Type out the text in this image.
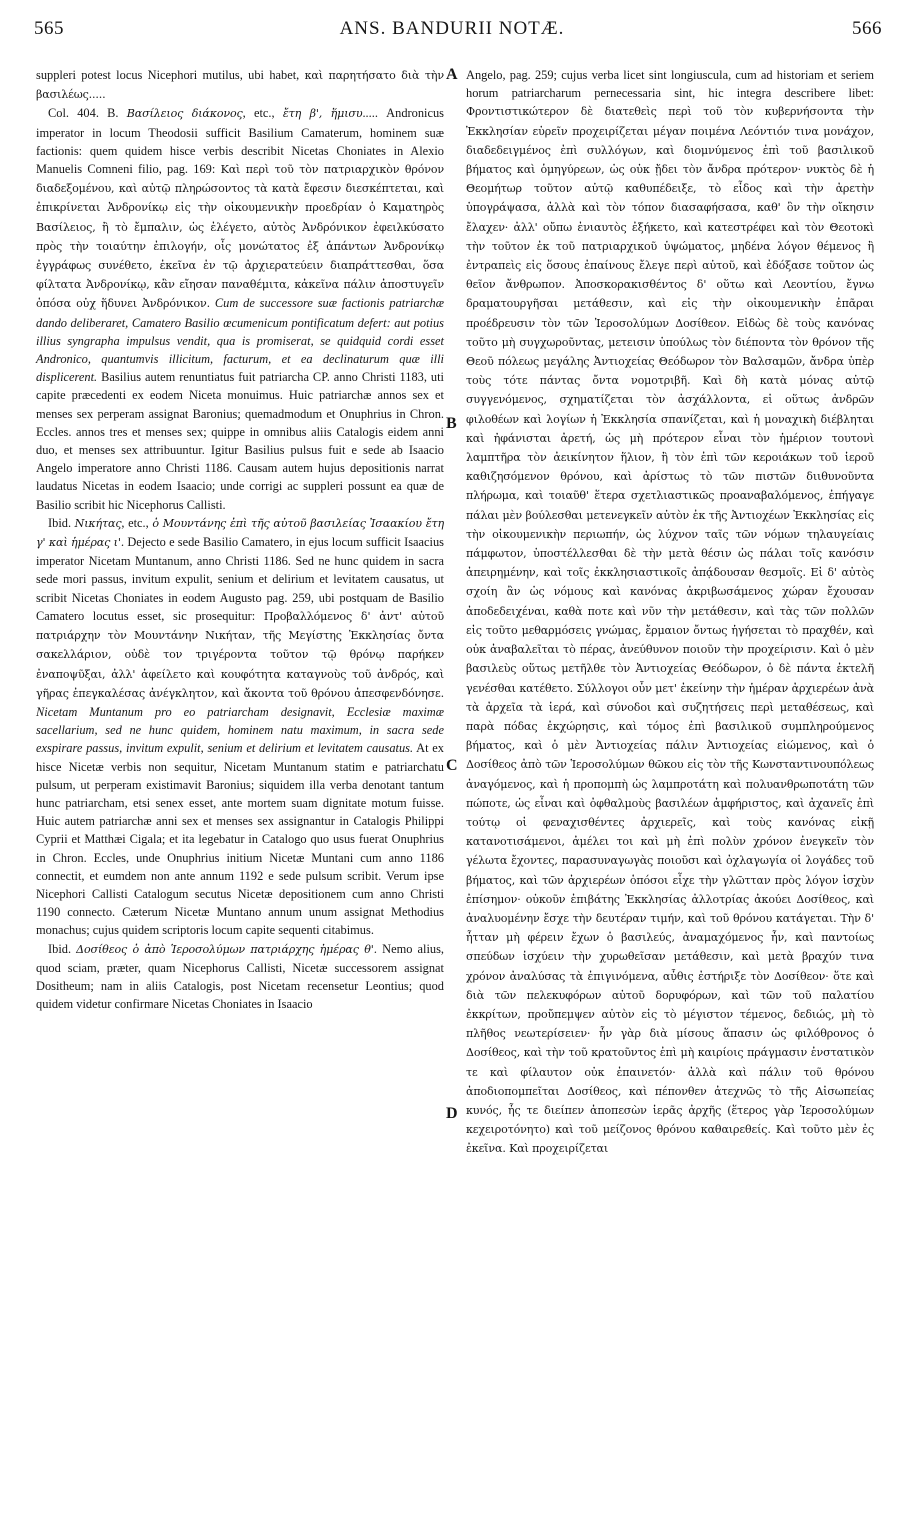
565	ANS. BANDURII NOTÆ.	566

suppleri potest locus Nicephori mutilus, ubi habet, καὶ παρητήσατο διὰ τὴν βασιλέως.....

Col. 404. B. Βασίλειος διάκονος, etc., ἔτη β', ἥμισυ..... Andronicus imperator in locum Theodosii sufficit Basilium Camaterum, hominem suæ factionis: quem quidem hisce verbis describit Nicetas Choniates in Alexio Manuelis Comneni filio, pag. 169: Καὶ περὶ τοῦ τὸν πατριαρχικὸν θρόνον διαδεξομένου, καὶ αὐτῷ πληρώσοντος τὰ κατὰ ἔφεσιν διεσκέπτεται, καὶ ἐπικρίνεται Ἀνδρονίκῳ εἰς τὴν οἰκουμενικὴν προεδρίαν ὁ Καματηρὸς Βασίλειος, ἢ τὸ ἔμπαλιν, ὡς ἐλέγετο, αὐτὸς Ἀνδρόνικον ἐφειλκύσατο πρὸς τὴν τοιαύτην ἐπιλογήν, οἷς μονώτατος ἐξ ἁπάντων Ἀνδρονίκῳ ἐγγράφως συνέθετο, ἐκεῖνα ἐν τῷ ἀρχιερατεύειν διαπράττεσθαι, ὅσα φίλτατα Ἀνδρονίκῳ, κἂν εἴησαν παναθέμιτα, κἀκεῖνα πάλιν ἀποστυγεῖν ὁπόσα οὐχ ἥδυνει Ἀνδρόνικον. Cum de successore suæ factionis patriarchæ dando deliberaret, Camatero Basilio œcumenicum pontificatum defert: aut potius illius syngrapha impulsus vendit, qua is promiserat, se quidquid cordi esset Andronico, quantumvis illicitum, facturum, et ea declinaturum quæ illi displicerent. Basilius autem renuntiatus fuit patriarcha CP. anno Christi 1183, uti capite præcedenti ex eodem Niceta monuimus. Huic patriarchæ annos sex et menses sex perperam assignat Baronius; quemadmodum et Onuphrius in Chron. Eccles. annos tres et menses sex; quippe in omnibus aliis Catalogis eidem anni duo, et menses sex attribuuntur. Igitur Basilius pulsus fuit e sede ab Isaacio Angelo imperatore anno Christi 1186. Causam autem hujus depositionis narrat laudatus Nicetas in eodem Isaacio; unde corrigi ac suppleri possunt ea quæ de Basilio scribit hic Nicephorus Callisti.

Ibid. Νικήτας, etc., ὁ Μουντάνης ἐπὶ τῆς αὐτοῦ βασιλείας Ἰσαακίου ἔτη γ' καὶ ἡμέρας ι'. Dejecto e sede Basilio Camatero, in ejus locum sufficit Isaacius imperator Nicetam Muntanum, anno Christi 1186. Sed ne hunc quidem in sacra sede mori passus, invitum expulit, senium et delirium et levitatem causatus, ut scribit Nicetas Choniates in eodem Augusto pag. 259, ubi postquam de Basilio Camatero locutus esset, sic prosequitur: Προβαλλόμενος δ' ἀντ' αὐτοῦ πατριάρχην τὸν Μουντάνην Νικήταν, τῆς Μεγίστης Ἐκκλησίας ὄντα σακελλάριον, οὐδὲ τον τριγέροντα τοῦτον τῷ θρόνῳ παρήκεν ἐναποψῦξαι, ἀλλ' ἀφείλετο καὶ κουφότητα καταγνοὺς τοῦ ἀνδρός, καὶ γῆρας ἐπεγκαλέσας ἀνέγκλητον, καὶ ἄκοντα τοῦ θρόνου ἀπεσφενδόνησε. Nicetam Muntanum pro eo patriarcham designavit, Ecclesiæ maximæ sacellarium, sed ne hunc quidem, hominem natu maximum, in sacra sede exspirare passus, invitum expulit, senium et delirium et levitatem causatus. At ex hisce Nicetæ verbis non sequitur, Nicetam Muntanum statim e patriarchatu pulsum, ut perperam existimavit Baronius; siquidem illa verba denotant tantum hunc patriarcham, etsi senex esset, ante mortem suam dignitate motum fuisse. Huic autem patriarchæ anni sex et menses sex assignantur in Catalogis Philippi Cyprii et Matthæi Cigala; et ita legebatur in Catalogo quo usus fuerat Onuphrius in Chron. Eccles, unde Onuphrius initium Nicetæ Muntani cum anno 1186 connectit, et eumdem non ante annum 1192 e sede pulsum scribit. Verum ipse Nicephori Callisti Catalogum secutus Nicetæ depositionem cum anno Christi 1190 connecto. Cæterum Nicetæ Muntano annum unum assignat Methodius monachus; cujus quidem scriptoris locum capite sequenti citabimus.

Ibid. Δοσίθεος ὁ ἀπὸ Ἱεροσολύμων πατριάρχης ἡμέρας θ'. Nemo alius, quod sciam, præter, quam Nicephorus Callisti, Nicetæ successorem assignat Dositheum; nam in aliis Catalogis, post Nicetam recensetur Leontius; quod quidem videtur confirmare Nicetas Choniates in Isaacio

Angelo, pag. 259; cujus verba licet sint longiuscula, cum ad historiam et seriem horum patriarcharum pernecessaria sint, hic integra describere libet: Φροντιστικώτερον δὲ διατεθεὶς περὶ τοῦ τὸν κυβερνήσοντα τὴν Ἐκκλησίαν εὑρεῖν προχειρίζεται μέγαν ποιμένα Λεόντιόν τινα μονάχον, διαδεδειγμένος ἐπὶ συλλόγων, καὶ διομνύμενος ἐπὶ τοῦ βασιλικοῦ βήματος καὶ ὁμηγύρεων, ὡς οὐκ ᾔδει τὸν ἄνδρα πρότερον· νυκτὸς δὲ ἡ Θεομήτωρ τοῦτον αὐτῷ καθυπέδειξε, τὸ εἶδος καὶ τὴν ἀρετὴν ὑπογράψασα, ἀλλὰ καὶ τὸν τόπον διασαφήσασα, καθ' ὃν τὴν οἴκησιν ἔλαχεν· ἀλλ' οὔπω ἐνιαυτὸς ἐξήκετο, καὶ κατεστρέφει καὶ τὸν Θεοτοκὶ τὴν τοῦτον ἐκ τοῦ πατριαρχικοῦ ὑψώματος, μηδένα λόγον θέμενος ἢ ἐντραπεὶς εἰς ὅσους ἐπαίνους ἔλεγε περὶ αὐτοῦ, καὶ ἐδόξασε τοῦτον ὡς θεῖον ἄνθρωπον. Ἀποσκορακισθέντος δ' οὕτω καὶ Λεοντίου, ἔγνω δραματουργῆσαι μετάθεσιν, καὶ εἰς τὴν οἰκουμενικὴν ἐπᾶραι προέδρευσιν τὸν τῶν Ἱεροσολύμων Δοσίθεον. Εἰδὼς δὲ τοὺς κανόνας τοῦτο μὴ συγχωροῦντας, μετεισιν ὑπούλως τὸν διέποντα τὸν θρόνον τῆς Θεοῦ πόλεως μεγάλης Ἀντιοχείας Θεόδωρον τὸν Βαλσαμῶν, ἄνδρα ὑπὲρ τοὺς τότε πάντας ὄντα νομοτριβῆ. Καὶ δὴ κατὰ μόνας αὐτῷ συγγενόμενος, σχηματίζεται τὸν ἀσχάλλοντα, εἰ οὕτως ἀνδρῶν φιλοθέων καὶ λογίων ἡ Ἐκκλησία σπανίζεται, καὶ ἡ μοναχικὴ διέβληται καὶ ἠφάνισται ἀρετή, ὡς μὴ πρότερον εἶναι τὸν ἡμέριον τουτονὶ λαμπτῆρα τὸν ἀεικίνητον ἥλιον, ἢ τὸν ἐπὶ τῶν κεροιάκων τοῦ ἱεροῦ καθιζησόμενον θρόνου, καὶ ἀρίστως τὸ τῶν πιστῶν διιθυνοῦντα πλήρωμα, καὶ τοιαῦθ' ἕτερα σχετλιαστικῶς προαναβαλόμενος, ἐπήγαγε πάλαι μὲν βούλεσθαι μετενεγκεῖν αὐτὸν ἐκ τῆς Ἀντιοχέων Ἐκκλησίας εἰς τὴν οἰκουμενικὴν περιωπήν, ὡς λύχνον ταῖς τῶν νόμων τηλαυγείαις πάμφωτον, ὑποστέλλεσθαι δὲ τὴν μετὰ θέσιν ὡς πάλαι τοῖς κανόσιν ἀπειρημένην, καὶ τοῖς ἐκκλησιαστικοῖς ἀπᾴδουσαν θεσμοῖς. Εἰ δ' αὐτὸς σχοίη ἂν ὡς νόμους καὶ κανόνας ἀκριβωσάμενος χώραν ἔχουσαν ἀποδεδειχέναι, καθὰ ποτε καὶ νῦν τὴν μετάθεσιν, καὶ τὰς τῶν πολλῶν εἰς τοῦτο μεθαρμόσεις γνώμας, ἔρμαιον ὄντως ἡγήσεται τὸ πραχθέν, καὶ οὐκ ἀναβαλεῖται τὸ πέρας, ἀνεύθυνον ποιοῦν τὴν προχείρισιν. Καὶ ὁ μὲν βασιλεὺς οὕτως μετῆλθε τὸν Ἀντιοχείας Θεόδωρον, ὁ δὲ πάντα ἐκτελῆ γενέσθαι κατέθετο. Σύλλογοι οὖν μετ' ἐκείνην τὴν ἡμέραν ἀρχιερέων ἀνὰ τὰ ἀρχεῖα τὰ ἱερά, καὶ σύνοδοι καὶ συζητήσεις περὶ μεταθέσεως, καὶ παρὰ πόδας ἐκχώρησις, καὶ τόμος ἐπὶ βασιλικοῦ συμπληρούμενος βήματος, καὶ ὁ μὲν Ἀντιοχείας πάλιν Ἀντιοχείας εἰώμενος, καὶ ὁ Δοσίθεος ἀπὸ τῶν Ἱεροσολύμων θῶκου εἰς τὸν τῆς Κωνσταντινουπόλεως ἀναγόμενος, καὶ ἡ προπομπὴ ὡς λαμπροτάτη καὶ πολυανθρωποτάτη τῶν πώποτε, ὡς εἶναι καὶ ὀφθαλμοὺς βασιλέων ἀμφήριστος, καὶ ἀχανεῖς ἐπὶ τούτῳ οἱ φεναχισθέντες ἀρχιερεῖς, καὶ τοὺς κανόνας εἰκῇ κατανοτισάμενοι, ἀμέλει τοι καὶ μὴ ἐπὶ πολὺν χρόνον ἐνεγκεῖν τὸν γέλωτα ἔχοντες, παρασυναγωγὰς ποιοῦσι καὶ ὀχλαγωγία οἱ λογάδες τοῦ βήματος, καὶ τῶν ἀρχιερέων ὁπόσοι εἶχε τὴν γλῶτταν πρὸς λόγον ἰσχὺν ἐπίσημον· οὐκοῦν ἐπιβάτης Ἐκκλησίας ἀλλοτρίας ἀκούει Δοσίθεος, καὶ ἀναλυομένην ἔσχε τὴν δευτέραν τιμήν, καὶ τοῦ θρόνου κατάγεται. Τὴν δ' ἧτταν μὴ φέρειν ἔχων ὁ βασιλεύς, ἀναμαχόμενος ἦν, καὶ παντοίως σπεύδων ἰσχύειν τὴν χυρωθεῖσαν μετάθεσιν, καὶ μετὰ βραχύν τινα χρόνον ἀναλύσας τὰ ἐπιγινόμενα, αὖθις ἐστήριξε τὸν Δοσίθεον· ὅτε καὶ διὰ τῶν πελεκυφόρων αὐτοῦ δορυφόρων, καὶ τῶν τοῦ παλατίου ἐκκρίτων, προὔπεμψεν αὐτὸν εἰς τὸ μέγιστον τέμενος, δεδιώς, μὴ τὸ πλῆθος νεωτερίσειεν· ἦν γὰρ διὰ μίσους ἅπασιν ὡς φιλόθρονος ὁ Δοσίθεος, καὶ τὴν τοῦ κρατοῦντος ἐπὶ μὴ καιρίοις πράγμασιν ἐνστατικὸν τε καὶ φίλαυτον οὐκ ἐπαινετόν· ἀλλὰ καὶ πάλιν τοῦ θρόνου ἀποδιοπομπεῖται Δοσίθεος, καὶ πέπονθεν ἀτεχνῶς τὸ τῆς Αἰσωπείας κυνός, ἧς τε διείπεν ἀποπεσὼν ἱερᾶς ἀρχῆς (ἕτερος γὰρ Ἱεροσολύμων κεχειροτόνητο) καὶ τοῦ μείζονος θρόνου καθαιρεθείς. Καὶ τοῦτο μὲν ἐς ἐκεῖνα. Καὶ προχειρίζεται

A
B
C
D
